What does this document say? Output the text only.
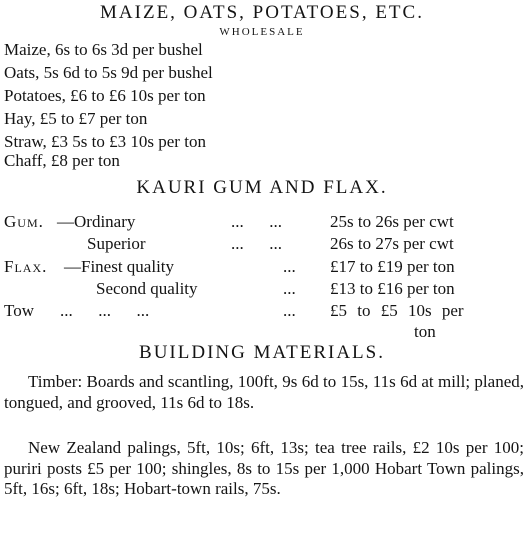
MAIZE, OATS, POTATOES, ETC.
WHOLESALE
Maize, 6s to 6s 3d per bushel
Oats, 5s 6d to 5s 9d per bushel
Potatoes, £6 to £6 10s per ton
Hay, £5 to £7 per ton
Straw, £3 5s to £3 10s per ton
Chaff, £8 per ton
KAURI GUM AND FLAX.
Gum. —Ordinary	...      ...	25s to 26s per cwt
Superior	...      ...	26s to 27s per cwt
Flax. —Finest quality	... £17 to £19 per ton
Second quality	... £13 to £16 per ton
Tow ...      ...      ...	... £5 to £5 10s per
ton
BUILDING MATERIALS.
Timber: Boards and scantling, 100ft, 9s 6d to 15s, 11s 6d at mill; planed, tongued, and grooved, 11s 6d to 18s.
New Zealand palings, 5ft, 10s; 6ft, 13s; tea tree rails, £2 10s per 100; puriri posts £5 per 100; shingles, 8s to 15s per 1,000 Hobart Town palings, 5ft, 16s; 6ft, 18s; Hobart-town rails, 75s.
